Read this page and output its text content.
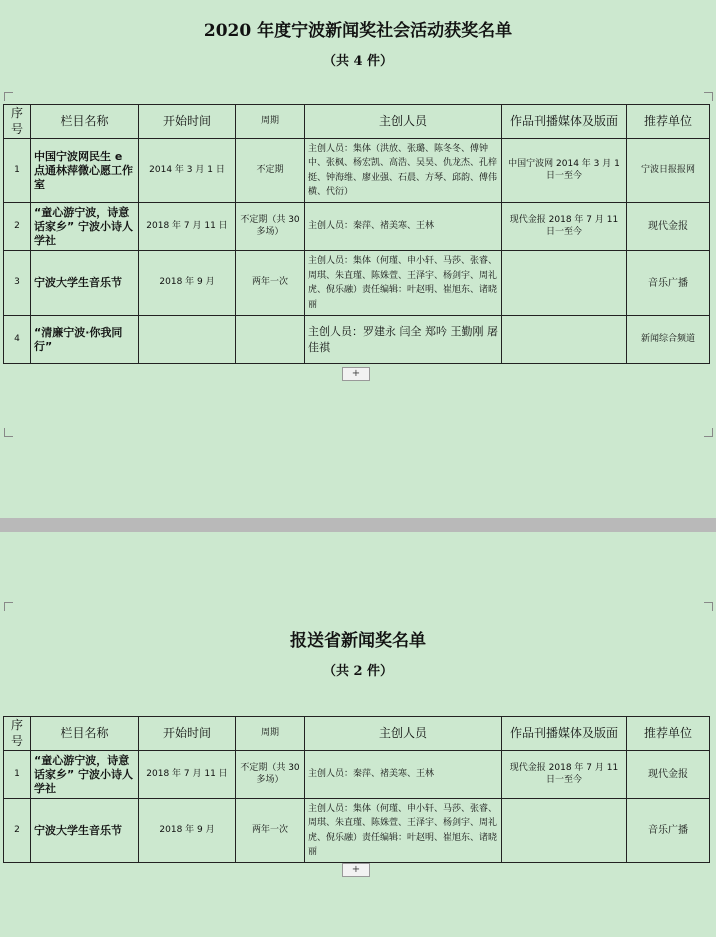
2020 年度宁波新闻奖社会活动获奖名单
（共 4 件）
序号	栏目名称	开始时间	周期	主创人员	作品刊播媒体及版面	推荐单位
1	中国宁波网民生 e 点通林萍微心愿工作室	2014 年 3 月 1 日	不定期	主创人员：集体（洪放、张璐、陈冬冬、傅钟中、张枫、杨宏凯、高浩、吴昊、仇龙杰、孔梓挺、钟海维、廖业强、石晨、方琴、邱韵、傅伟横、代衍）	中国宁波网 2014 年 3 月 1 日一至今	宁波日报报网
2	“童心游宁波，诗意话家乡” 宁波小诗人学社	2018 年 7 月 11 日	不定期（共 30 多场）	主创人员：秦萍、褚美寒、王林	现代金报 2018 年 7 月 11 日一至今	现代金报
3	宁波大学生音乐节	2018 年 9 月	两年一次	主创人员：集体（何瑾、申小轩、马莎、张睿、周琪、朱直瑾、陈姝萱、王泽宇、杨剑宇、周礼虎、倪乐融）责任编辑：叶赵明、崔旭东、诸晓丽		音乐广播
4	“清廉宁波·你我同行”			主创人员：罗建永 闫全 郑吟 王勤刚 屠佳祺		新闻综合频道
+
报送省新闻奖名单
（共 2 件）
序号	栏目名称	开始时间	周期	主创人员	作品刊播媒体及版面	推荐单位
1	“童心游宁波，诗意话家乡” 宁波小诗人学社	2018 年 7 月 11 日	不定期（共 30 多场）	主创人员：秦萍、褚美寒、王林	现代金报 2018 年 7 月 11 日一至今	现代金报
2	宁波大学生音乐节	2018 年 9 月	两年一次	主创人员：集体（何瑾、申小轩、马莎、张睿、周琪、朱直瑾、陈姝萱、王泽宇、杨剑宇、周礼虎、倪乐融）责任编辑：叶赵明、崔旭东、诸晓丽		音乐广播
+
